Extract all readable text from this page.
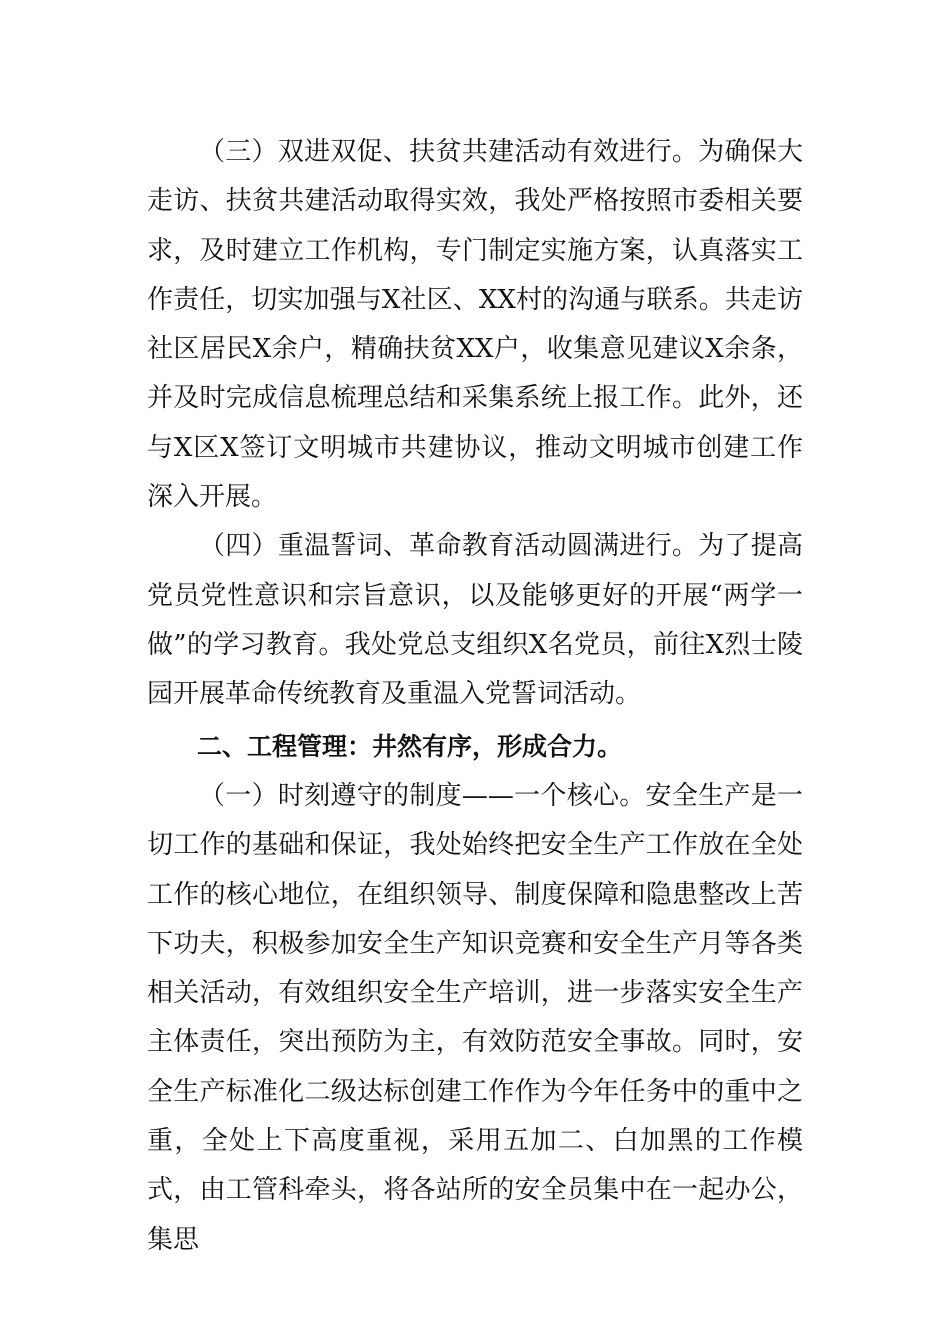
（三）双进双促、扶贫共建活动有效进行。为确保大走访、扶贫共建活动取得实效，我处严格按照市委相关要求，及时建立工作机构，专门制定实施方案，认真落实工作责任，切实加强与X社区、XX村的沟通与联系。共走访社区居民X余户，精确扶贫XX户，收集意见建议X余条，并及时完成信息梳理总结和采集系统上报工作。此外，还与X区X签订文明城市共建协议，推动文明城市创建工作深入开展。

（四）重温誓词、革命教育活动圆满进行。为了提高党员党性意识和宗旨意识，以及能够更好的开展“两学一做”的学习教育。我处党总支组织X名党员，前往X烈士陵园开展革命传统教育及重温入党誓词活动。

二、工程管理：井然有序，形成合力。

（一）时刻遵守的制度——一个核心。安全生产是一切工作的基础和保证，我处始终把安全生产工作放在全处工作的核心地位，在组织领导、制度保障和隐患整改上苦下功夫，积极参加安全生产知识竞赛和安全生产月等各类相关活动，有效组织安全生产培训，进一步落实安全生产主体责任，突出预防为主，有效防范安全事故。同时，安全生产标准化二级达标创建工作作为今年任务中的重中之重，全处上下高度重视，采用五加二、白加黑的工作模式，由工管科牵头，将各站所的安全员集中在一起办公，集思
